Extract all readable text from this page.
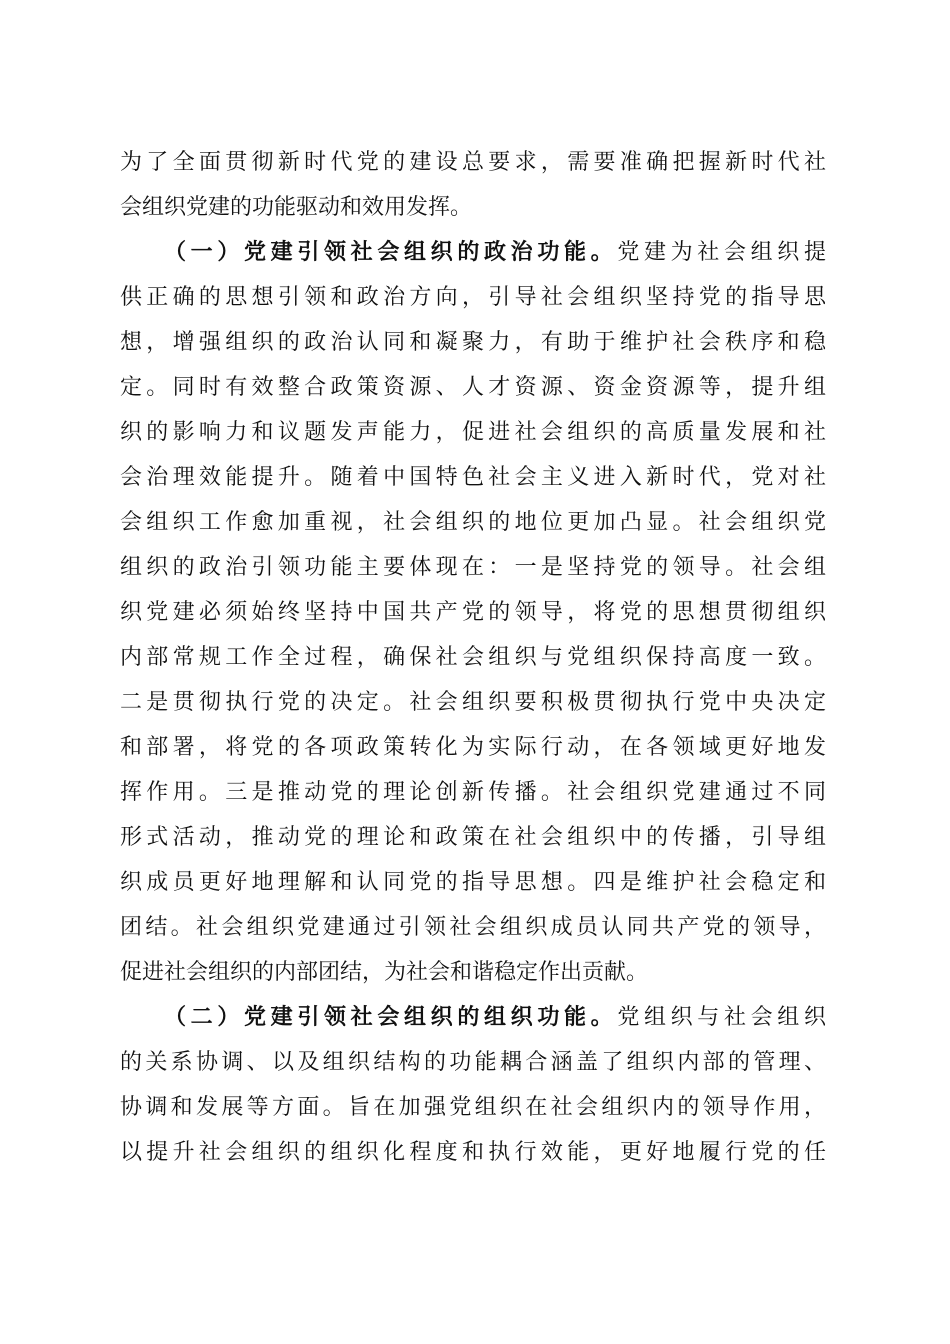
为了全面贯彻新时代党的建设总要求，需要准确把握新时代社
会组织党建的功能驱动和效用发挥。
（一）党建引领社会组织的政治功能。党建为社会组织提
供正确的思想引领和政治方向，引导社会组织坚持党的指导思
想，增强组织的政治认同和凝聚力，有助于维护社会秩序和稳
定。同时有效整合政策资源、人才资源、资金资源等，提升组
织的影响力和议题发声能力，促进社会组织的高质量发展和社
会治理效能提升。随着中国特色社会主义进入新时代，党对社
会组织工作愈加重视，社会组织的地位更加凸显。社会组织党
组织的政治引领功能主要体现在：一是坚持党的领导。社会组
织党建必须始终坚持中国共产党的领导，将党的思想贯彻组织
内部常规工作全过程，确保社会组织与党组织保持高度一致。
二是贯彻执行党的决定。社会组织要积极贯彻执行党中央决定
和部署，将党的各项政策转化为实际行动，在各领域更好地发
挥作用。三是推动党的理论创新传播。社会组织党建通过不同
形式活动，推动党的理论和政策在社会组织中的传播，引导组
织成员更好地理解和认同党的指导思想。四是维护社会稳定和
团结。社会组织党建通过引领社会组织成员认同共产党的领导，
促进社会组织的内部团结，为社会和谐稳定作出贡献。
（二）党建引领社会组织的组织功能。党组织与社会组织
的关系协调、以及组织结构的功能耦合涵盖了组织内部的管理、
协调和发展等方面。旨在加强党组织在社会组织内的领导作用，
以提升社会组织的组织化程度和执行效能，更好地履行党的任
